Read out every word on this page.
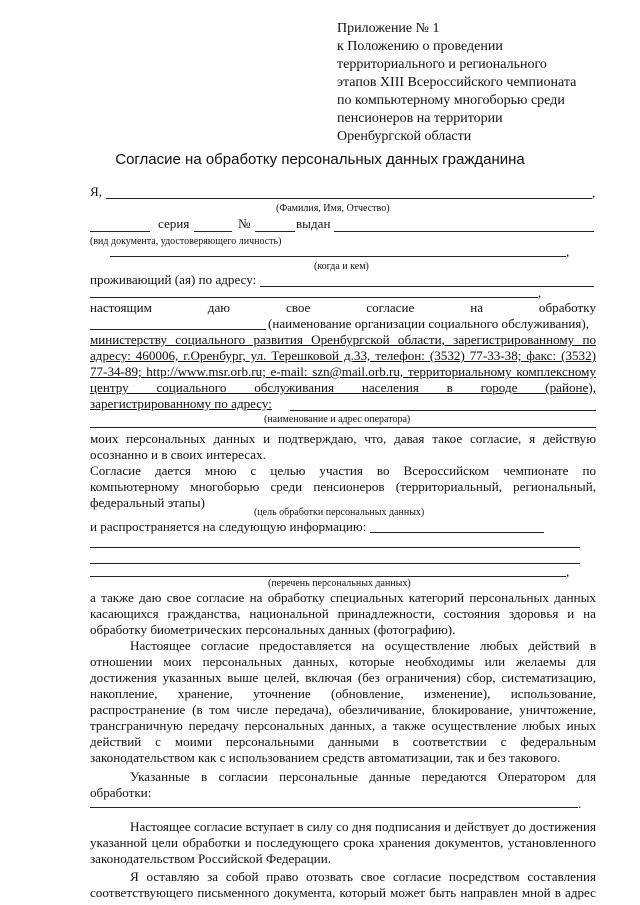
Приложение № 1
к Положению о проведении
территориального и регионального
этапов XIII Всероссийского чемпионата
по компьютерному многоборью среди
пенсионеров на территории
Оренбургской области
Согласие на обработку персональных данных гражданина
Я,	,
(Фамилия, Имя, Отчество)
серия	№	выдан
(вид документа, удостоверяющего личность)
,
(когда и кем)
проживающий (ая) по адресу:
,
настоящим даю свое согласие на обработку
(наименование организации социального обслуживания),
министерству социального развития Оренбургской области, зарегистрированному по
адресу: 460006, г.Оренбург, ул. Терешковой д.33, телефон: (3532) 77-33-38; факс: (3532)
77-34-89; http://www.msr.orb.ru; e-mail: szn@mail.orb.ru, территориальному комплексному
центру социального обслуживания населения в городе (районе),
зарегистрированному по адресу:
(наименование и адрес оператора)
моих персональных данных и подтверждаю, что, давая такое согласие, я действую
осознанно и в своих интересах.
Согласие дается мною с целью участия во Всероссийском чемпионате по
компьютерному многоборью среди пенсионеров (территориальный, региональный,
федеральный этапы)
(цель обработки персональных данных)
и распространяется на следующую информацию:
,
(перечень персональных данных)
а также даю свое согласие на обработку специальных категорий персональных данных
касающихся гражданства, национальной принадлежности, состояния здоровья и на
обработку биометрических персональных данных (фотографию).
Настоящее согласие предоставляется на осуществление любых действий в
отношении моих персональных данных, которые необходимы или желаемы для
достижения указанных выше целей, включая (без ограничения) сбор, систематизацию,
накопление, хранение, уточнение (обновление, изменение), использование,
распространение (в том числе передача), обезличивание, блокирование, уничтожение,
трансграничную передачу персональных данных, а также осуществление любых иных
действий с моими персональными данными в соответствии с федеральным
законодательством как с использованием средств автоматизации, так и без такового.
Указанные в согласии персональные данные передаются Оператором для
обработки:
.
Настоящее согласие вступает в силу со дня подписания и действует до достижения
указанной цели обработки и последующего срока хранения документов, установленного
законодательством Российской Федерации.
Я оставляю за собой право отозвать свое согласие посредством составления
соответствующего письменного документа, который может быть направлен мной в адрес
